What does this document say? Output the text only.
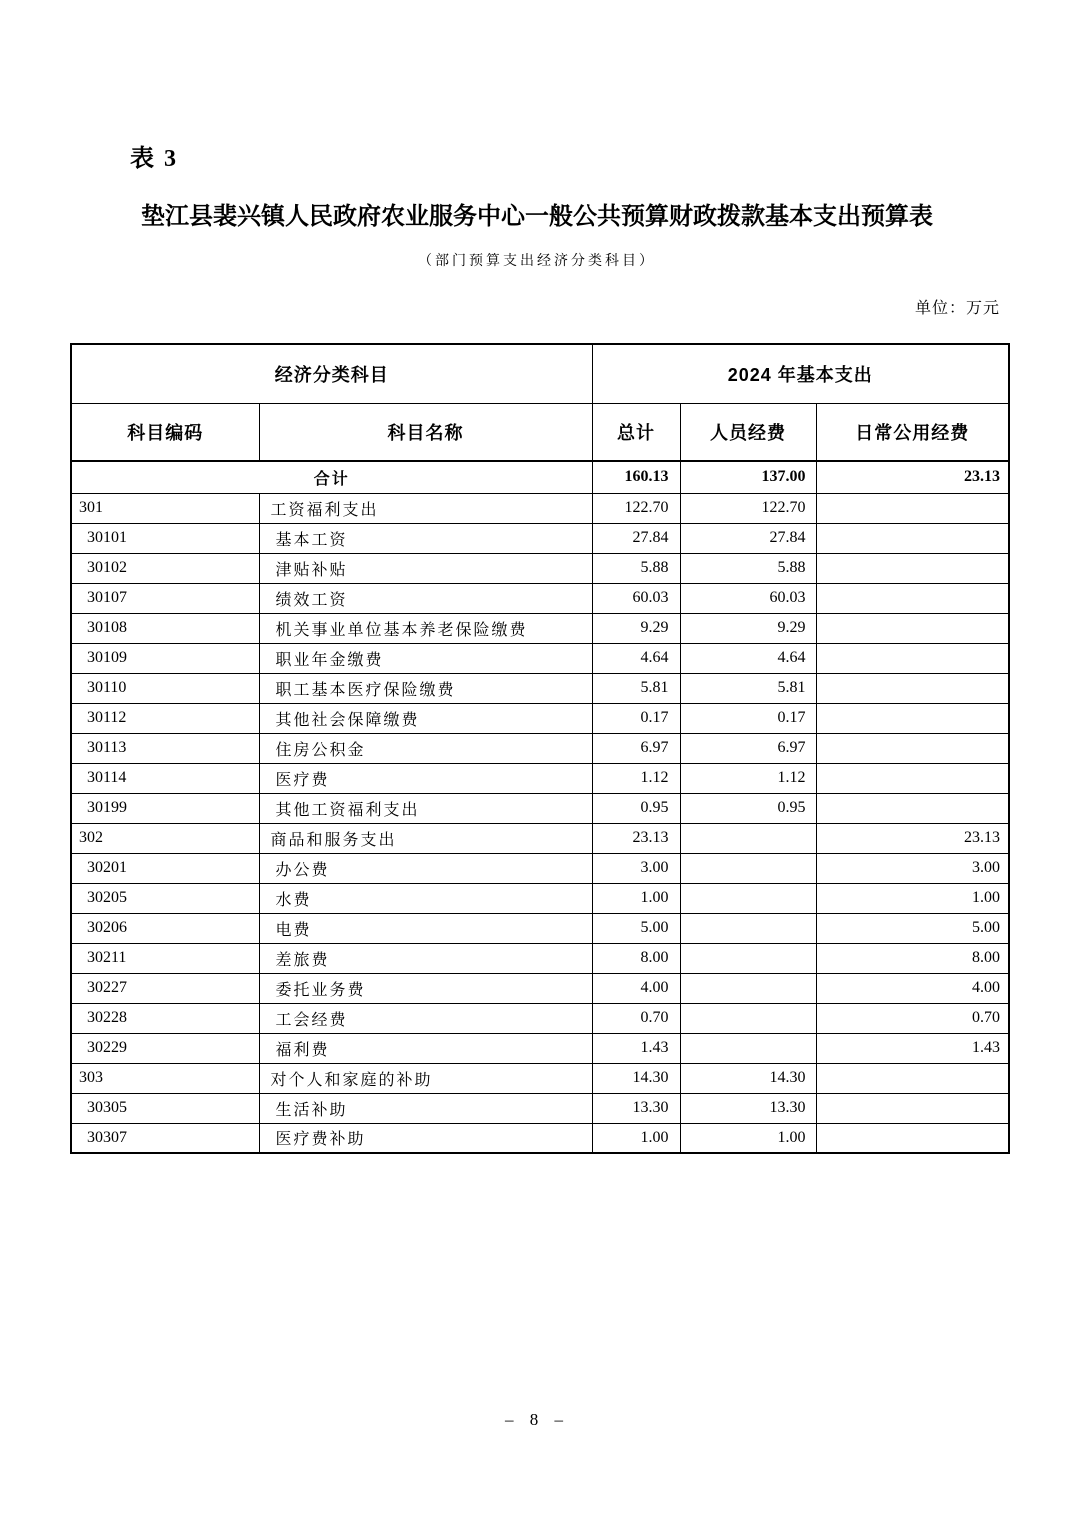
表 3
垫江县裴兴镇人民政府农业服务中心一般公共预算财政拨款基本支出预算表
（部门预算支出经济分类科目）
单位：万元
经济分类科目		2024 年基本支出		
科目编码	科目名称	总计	人员经费	日常公用经费
合计		160.13	137.00	23.13
301	工资福利支出	122.70	122.70	
30101	基本工资	27.84	27.84	
30102	津贴补贴	5.88	5.88	
30107	绩效工资	60.03	60.03	
30108	机关事业单位基本养老保险缴费	9.29	9.29	
30109	职业年金缴费	4.64	4.64	
30110	职工基本医疗保险缴费	5.81	5.81	
30112	其他社会保障缴费	0.17	0.17	
30113	住房公积金	6.97	6.97	
30114	医疗费	1.12	1.12	
30199	其他工资福利支出	0.95	0.95	
302	商品和服务支出	23.13		23.13
30201	办公费	3.00		3.00
30205	水费	1.00		1.00
30206	电费	5.00		5.00
30211	差旅费	8.00		8.00
30227	委托业务费	4.00		4.00
30228	工会经费	0.70		0.70
30229	福利费	1.43		1.43
303	对个人和家庭的补助	14.30	14.30	
30305	生活补助	13.30	13.30	
30307	医疗费补助	1.00	1.00	
– 8 –
